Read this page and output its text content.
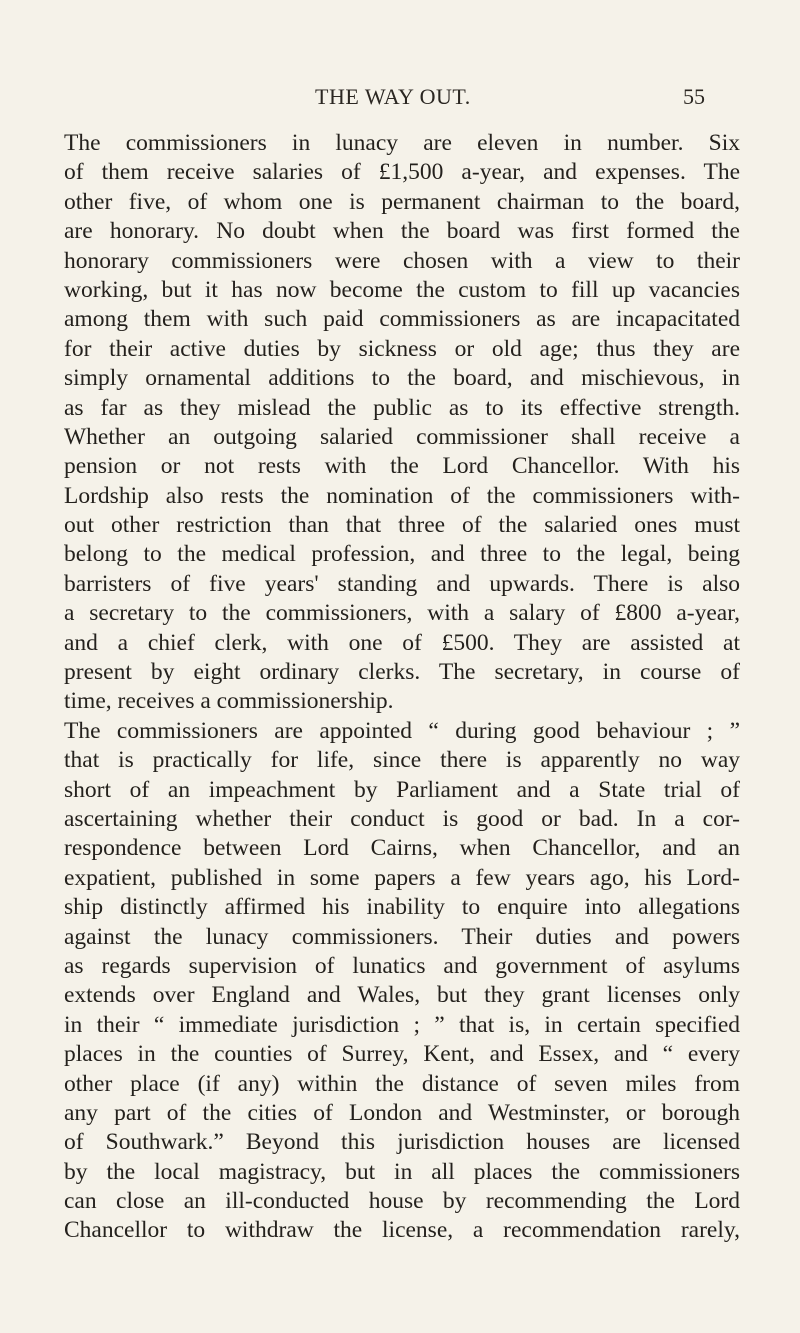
THE WAY OUT.	55
The commissioners in lunacy are eleven in number. Six
of them receive salaries of £1,500 a-year, and expenses. The
other five, of whom one is permanent chairman to the board,
are honorary. No doubt when the board was first formed the
honorary commissioners were chosen with a view to their
working, but it has now become the custom to fill up vacancies
among them with such paid commissioners as are incapacitated
for their active duties by sickness or old age; thus they are
simply ornamental additions to the board, and mischievous, in
as far as they mislead the public as to its effective strength.
Whether an outgoing salaried commissioner shall receive a
pension or not rests with the Lord Chancellor. With his
Lordship also rests the nomination of the commissioners with-
out other restriction than that three of the salaried ones must
belong to the medical profession, and three to the legal, being
barristers of five years' standing and upwards. There is also
a secretary to the commissioners, with a salary of £800 a-year,
and a chief clerk, with one of £500. They are assisted at
present by eight ordinary clerks. The secretary, in course of
time, receives a commissionership.
The commissioners are appointed “ during good behaviour ; ”
that is practically for life, since there is apparently no way
short of an impeachment by Parliament and a State trial of
ascertaining whether their conduct is good or bad. In a cor-
respondence between Lord Cairns, when Chancellor, and an
expatient, published in some papers a few years ago, his Lord-
ship distinctly affirmed his inability to enquire into allegations
against the lunacy commissioners. Their duties and powers
as regards supervision of lunatics and government of asylums
extends over England and Wales, but they grant licenses only
in their “ immediate jurisdiction ; ” that is, in certain specified
places in the counties of Surrey, Kent, and Essex, and “ every
other place (if any) within the distance of seven miles from
any part of the cities of London and Westminster, or borough
of Southwark.” Beyond this jurisdiction houses are licensed
by the local magistracy, but in all places the commissioners
can close an ill-conducted house by recommending the Lord
Chancellor to withdraw the license, a recommendation rarely,
